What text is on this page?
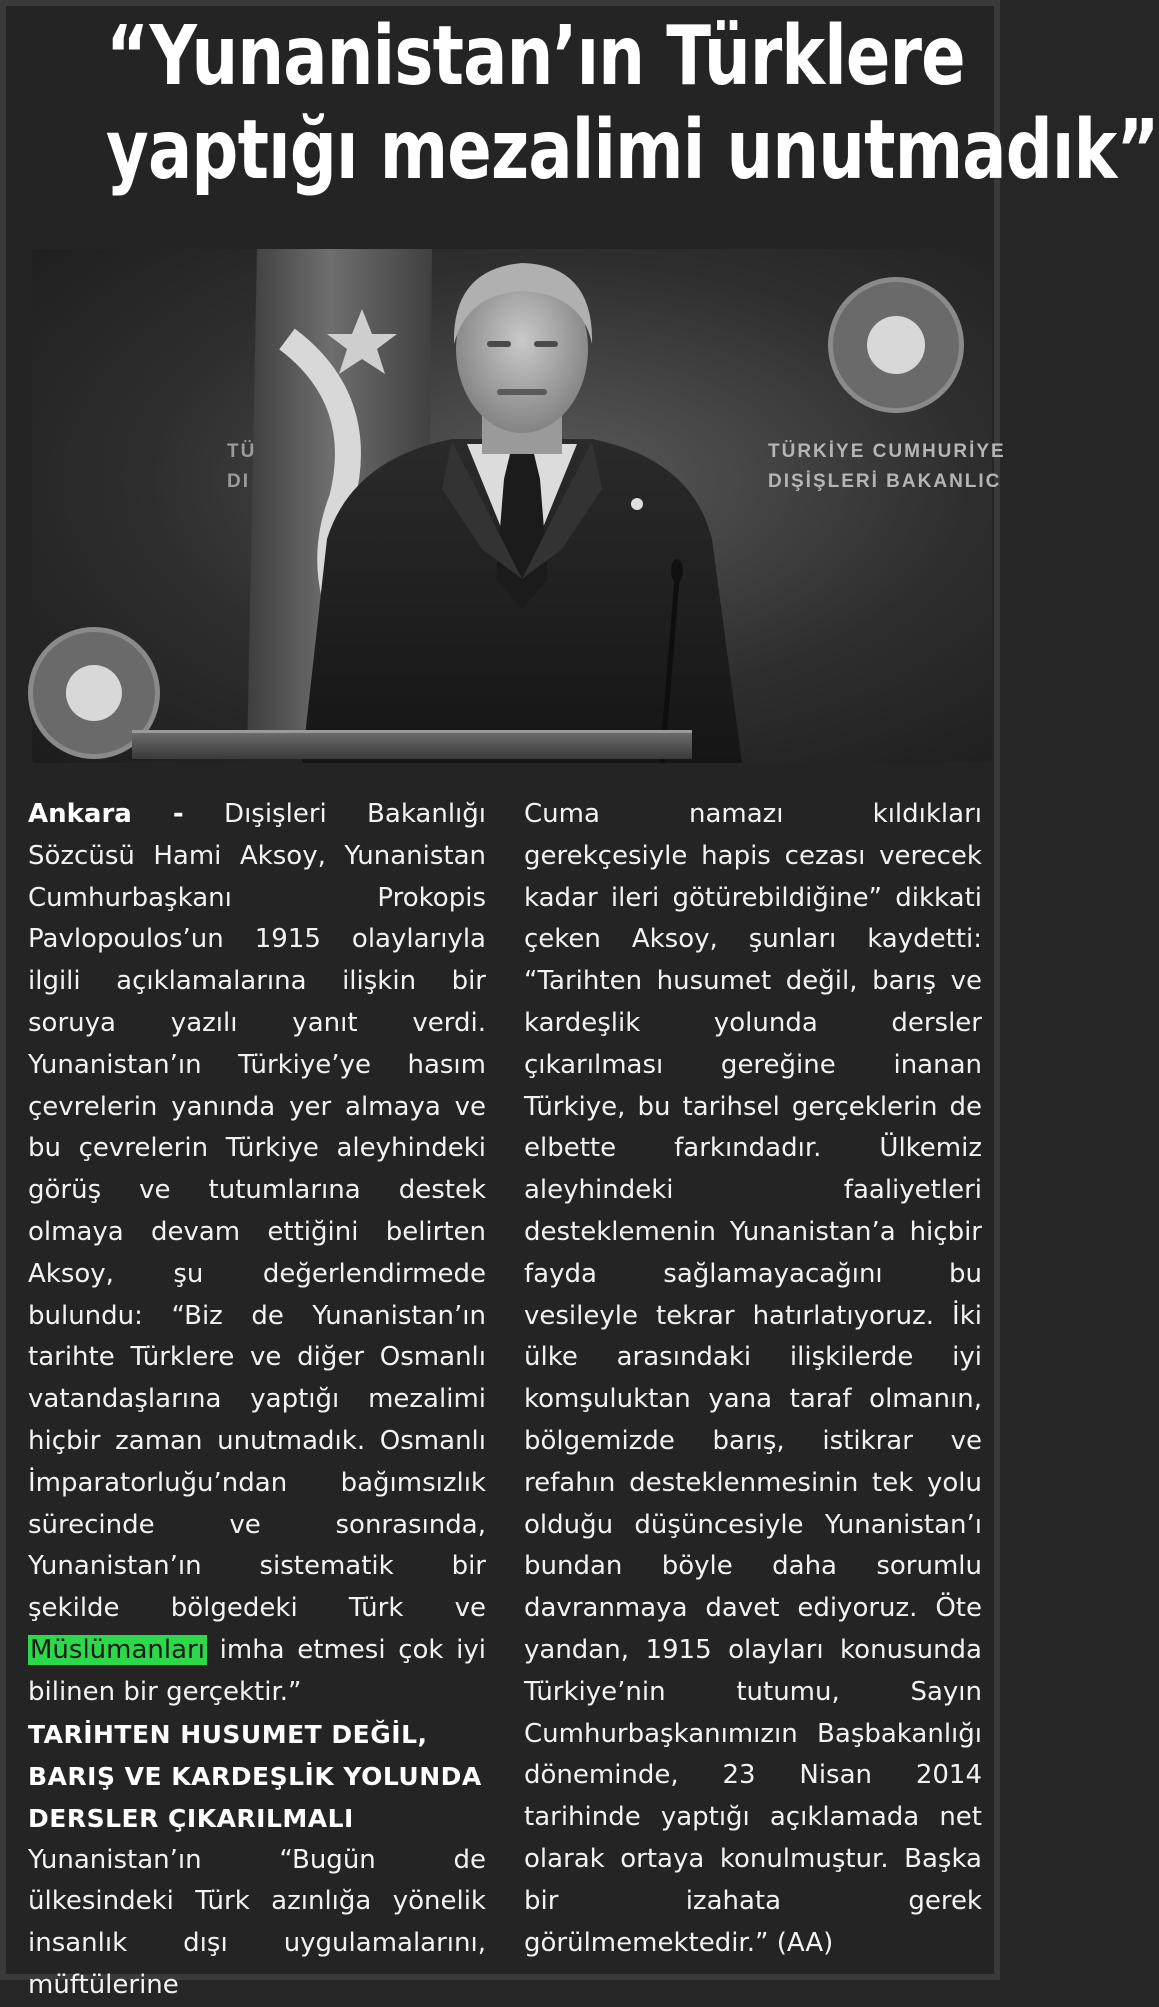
“Yunanistan’ın Türklere
yaptığı mezalimi unutmadık”
TÜRKİYE CUMHURİYE
DIŞİŞLERİ BAKANLIC
TÜ
DI

Ankara - Dışişleri Bakanlığı Sözcüsü Hami Aksoy, Yunanistan Cumhurbaşkanı Prokopis Pavlopoulos’un 1915 olaylarıyla ilgili açıklamalarına ilişkin bir soruya yazılı yanıt verdi. Yunanistan’ın Türkiye’ye hasım çevrelerin yanında yer almaya ve bu çevrelerin Türkiye aleyhindeki görüş ve tutumlarına destek olmaya devam ettiğini belirten Aksoy, şu değerlendirmede bulundu: “Biz de Yunanistan’ın tarihte Türklere ve diğer Osmanlı vatandaşlarına yaptığı mezalimi hiçbir zaman unutmadık. Osmanlı İmparatorluğu’ndan bağımsızlık sürecinde ve sonrasında, Yunanistan’ın sistematik bir şekilde bölgedeki Türk ve Müslümanları imha etmesi çok iyi bilinen bir gerçektir.”

TARİHTEN HUSUMET DEĞİL, BARIŞ VE KARDEŞLİK YOLUNDA DERSLER ÇIKARILMALI

Yunanistan’ın “Bugün de ülkesindeki Türk azınlığa yönelik insanlık dışı uygulamalarını, müftülerine

Cuma namazı kıldıkları gerekçesiyle hapis cezası verecek kadar ileri götürebildiğine” dikkati çeken Aksoy, şunları kaydetti: “Tarihten husumet değil, barış ve kardeşlik yolunda dersler çıkarılması gereğine inanan Türkiye, bu tarihsel gerçeklerin de elbette farkındadır. Ülkemiz aleyhindeki faaliyetleri desteklemenin Yunanistan’a hiçbir fayda sağlamayacağını bu vesileyle tekrar hatırlatıyoruz. İki ülke arasındaki ilişkilerde iyi komşuluktan yana taraf olmanın, bölgemizde barış, istikrar ve refahın desteklenmesinin tek yolu olduğu düşüncesiyle Yunanistan’ı bundan böyle daha sorumlu davranmaya davet ediyoruz. Öte yandan, 1915 olayları konusunda Türkiye’nin tutumu, Sayın Cumhurbaşkanımızın Başbakanlığı döneminde, 23 Nisan 2014 tarihinde yaptığı açıklamada net olarak ortaya konulmuştur. Başka bir izahata gerek görülmemektedir.” (AA)
